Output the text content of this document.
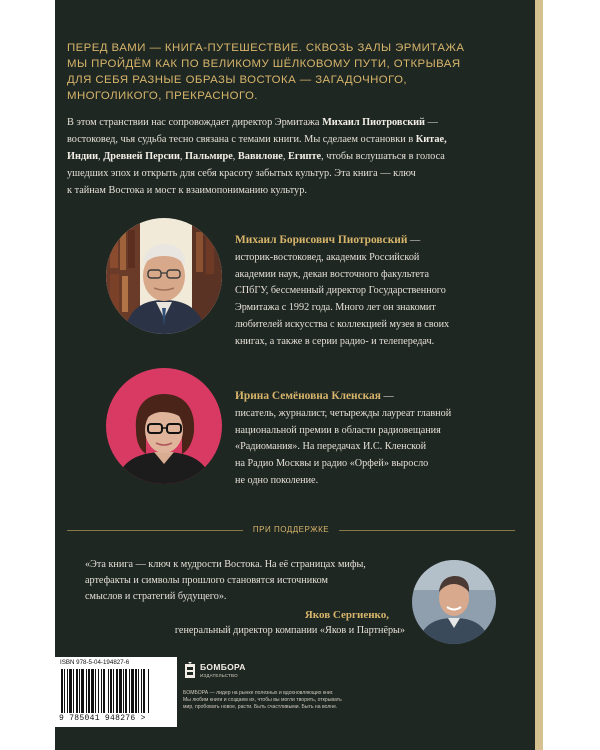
ПЕРЕД ВАМИ — КНИГА-ПУТЕШЕСТВИЕ. СКВОЗЬ ЗАЛЫ ЭРМИТАЖА
МЫ ПРОЙДЁМ КАК ПО ВЕЛИКОМУ ШЁЛКОВОМУ ПУТИ, ОТКРЫВАЯ
ДЛЯ СЕБЯ РАЗНЫЕ ОБРАЗЫ ВОСТОКА — ЗАГАДОЧНОГО,
МНОГОЛИКОГО, ПРЕКРАСНОГО.
В этом странствии нас сопровождает директор Эрмитажа Михаил Пиотровский —
востоковед, чья судьба тесно связана с темами книги. Мы сделаем остановки в Китае,
Индии, Древней Персии, Пальмире, Вавилоне, Египте, чтобы вслушаться в голоса
ушедших эпох и открыть для себя красоту забытых культур. Эта книга — ключ
к тайнам Востока и мост к взаимопониманию культур.
Михаил Борисович Пиотровский —
историк-востоковед, академик Российской
академии наук, декан восточного факультета
СПбГУ, бессменный директор Государственного
Эрмитажа с 1992 года. Много лет он знакомит
любителей искусства с коллекцией музея в своих
книгах, а также в серии радио- и телепередач.
Ирина Семёновна Кленская —
писатель, журналист, четырежды лауреат главной
национальной премии в области радиовещания
«Радиомания». На передачах И.С. Кленской
на Радио Москвы и радио «Орфей» выросло
не одно поколение.
ПРИ ПОДДЕРЖКЕ
«Эта книга — ключ к мудрости Востока. На её страницах мифы,
артефакты и символы прошлого становятся источником
смыслов и стратегий будущего».
Яков Сергиенко,
генеральный директор компании «Яков и Партнёры»
ISBN 978-5-04-194827-6
9 785041 948276 >
БОМБОРА
ИЗДАТЕЛЬСТВО
БОМБОРА — лидер на рынке полезных и вдохновляющих книг.
Мы любим книги и создаем их, чтобы вы могли творить, открывать
мир, пробовать новое, расти. Быть счастливыми. Быть на волне.
